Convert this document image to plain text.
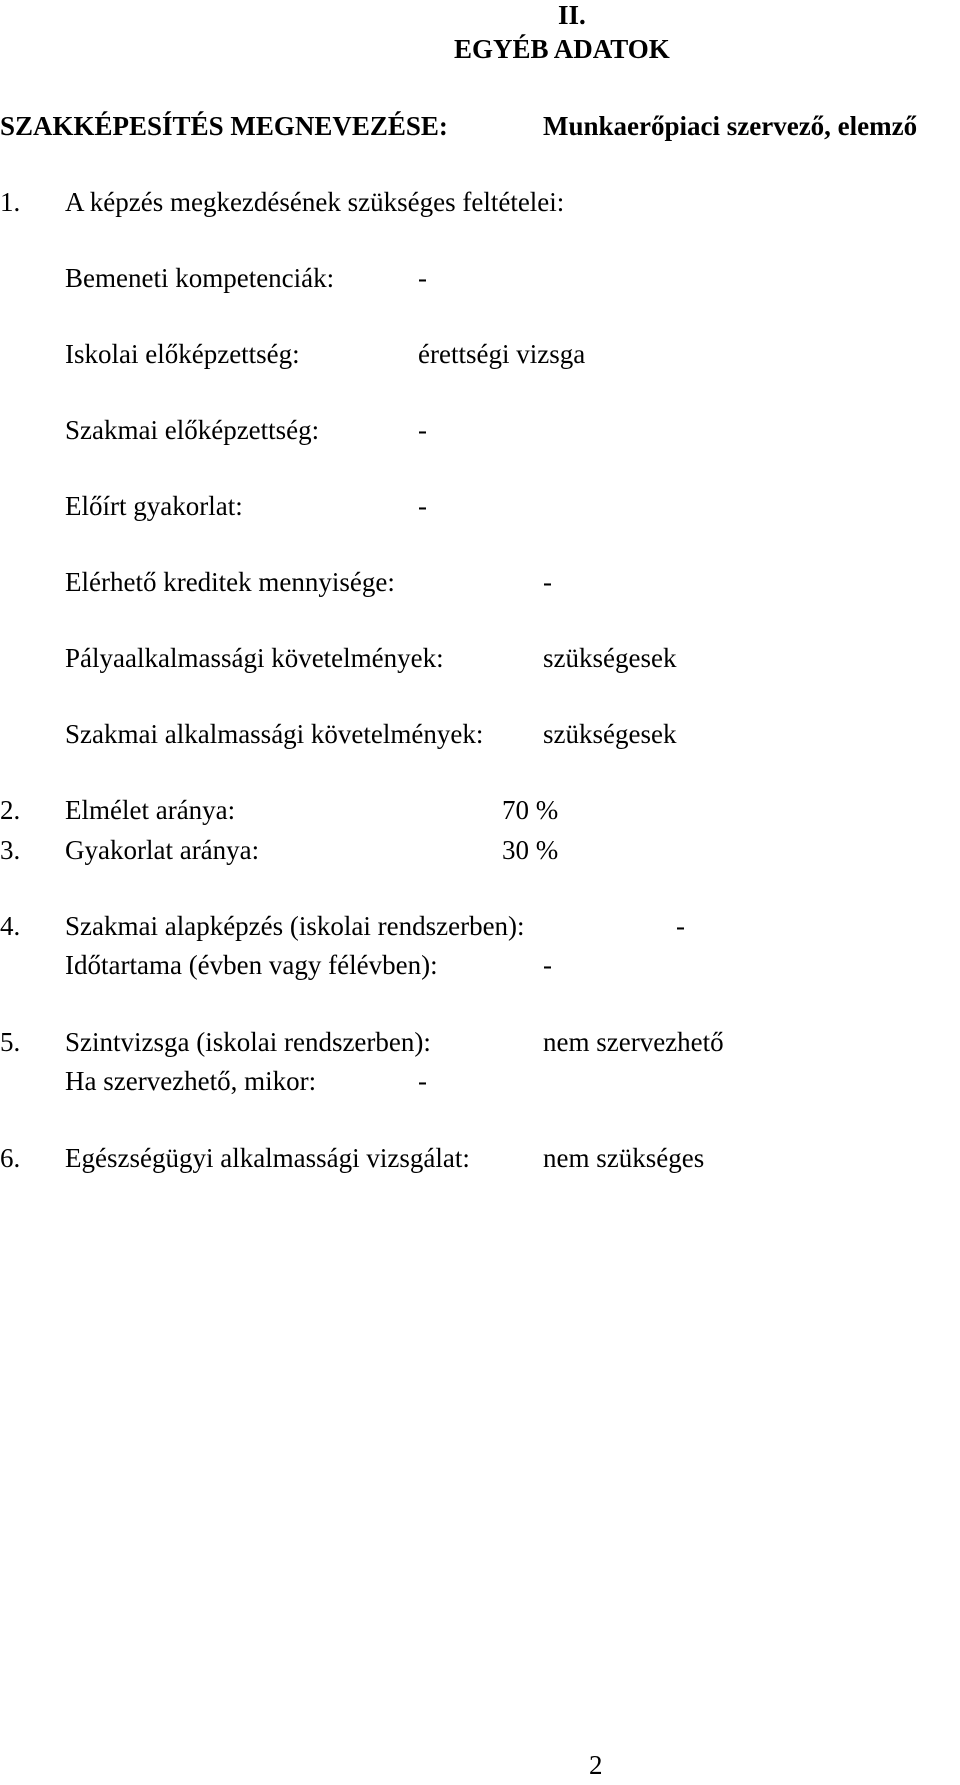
II.
EGYÉB ADATOK
SZAKKÉPESÍTÉS MEGNEVEZÉSE:	Munkaerőpiaci szervező, elemző
1. A képzés megkezdésének szükséges feltételei:
Bemeneti kompetenciák:	-
Iskolai előképzettség:	érettségi vizsga
Szakmai előképzettség:	-
Előírt gyakorlat:	-
Elérhető kreditek mennyisége:	-
Pályaalkalmassági követelmények:	szükségesek
Szakmai alkalmassági követelmények: szükségesek
2. Elmélet aránya:	70 %
3. Gyakorlat aránya:	30 %
4. Szakmai alapképzés (iskolai rendszerben):	-
Időtartama (évben vagy félévben):	-
5. Szintvizsga (iskolai rendszerben):	nem szervezhető
Ha szervezhető, mikor:	-
6. Egészségügyi alkalmassági vizsgálat:	nem szükséges
2
